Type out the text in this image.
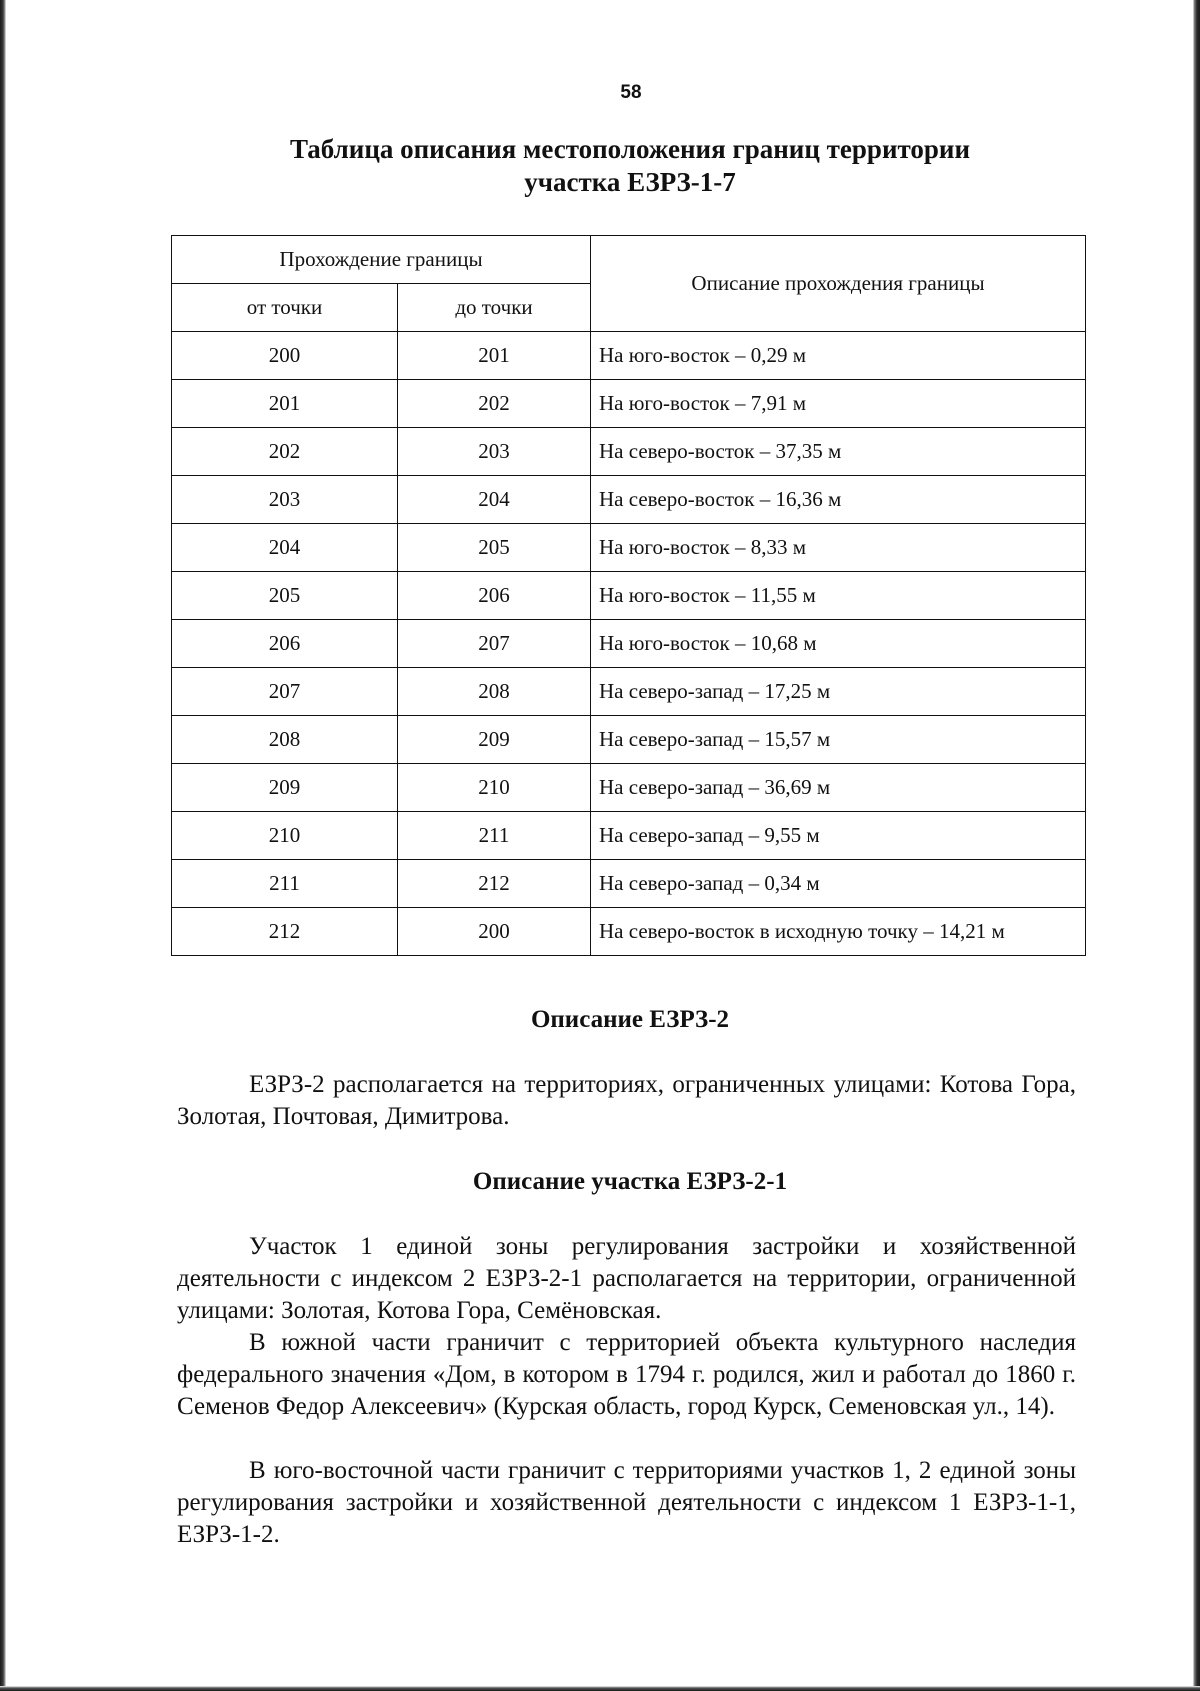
58
Таблица описания местоположения границ территории
участка ЕЗРЗ-1-7
Прохождение границы		Описание прохождения границы
от точки	до точки	
200	201	На юго-восток – 0,29 м
201	202	На юго-восток – 7,91 м
202	203	На северо-восток – 37,35 м
203	204	На северо-восток – 16,36 м
204	205	На юго-восток – 8,33 м
205	206	На юго-восток – 11,55 м
206	207	На юго-восток – 10,68 м
207	208	На северо-запад – 17,25 м
208	209	На северо-запад – 15,57 м
209	210	На северо-запад – 36,69 м
210	211	На северо-запад – 9,55 м
211	212	На северо-запад – 0,34 м
212	200	На северо-восток в исходную точку – 14,21 м
Описание ЕЗРЗ-2

ЕЗРЗ-2 располагается на территориях, ограниченных улицами: Котова Гора, Золотая, Почтовая, Димитрова.

Описание участка ЕЗРЗ-2-1

Участок 1 единой зоны регулирования застройки и хозяйственной деятельности с индексом 2 ЕЗРЗ-2-1 располагается на территории, ограниченной улицами: Золотая, Котова Гора, Семёновская.

В южной части граничит с территорией объекта культурного наследия федерального значения «Дом, в котором в 1794 г. родился, жил и работал до 1860 г. Семенов Федор Алексеевич» (Курская область, город Курск, Семеновская ул., 14).

В юго-восточной части граничит с территориями участков 1, 2 единой зоны регулирования застройки и хозяйственной деятельности с индексом 1 ЕЗРЗ-1-1, ЕЗРЗ-1-2.
